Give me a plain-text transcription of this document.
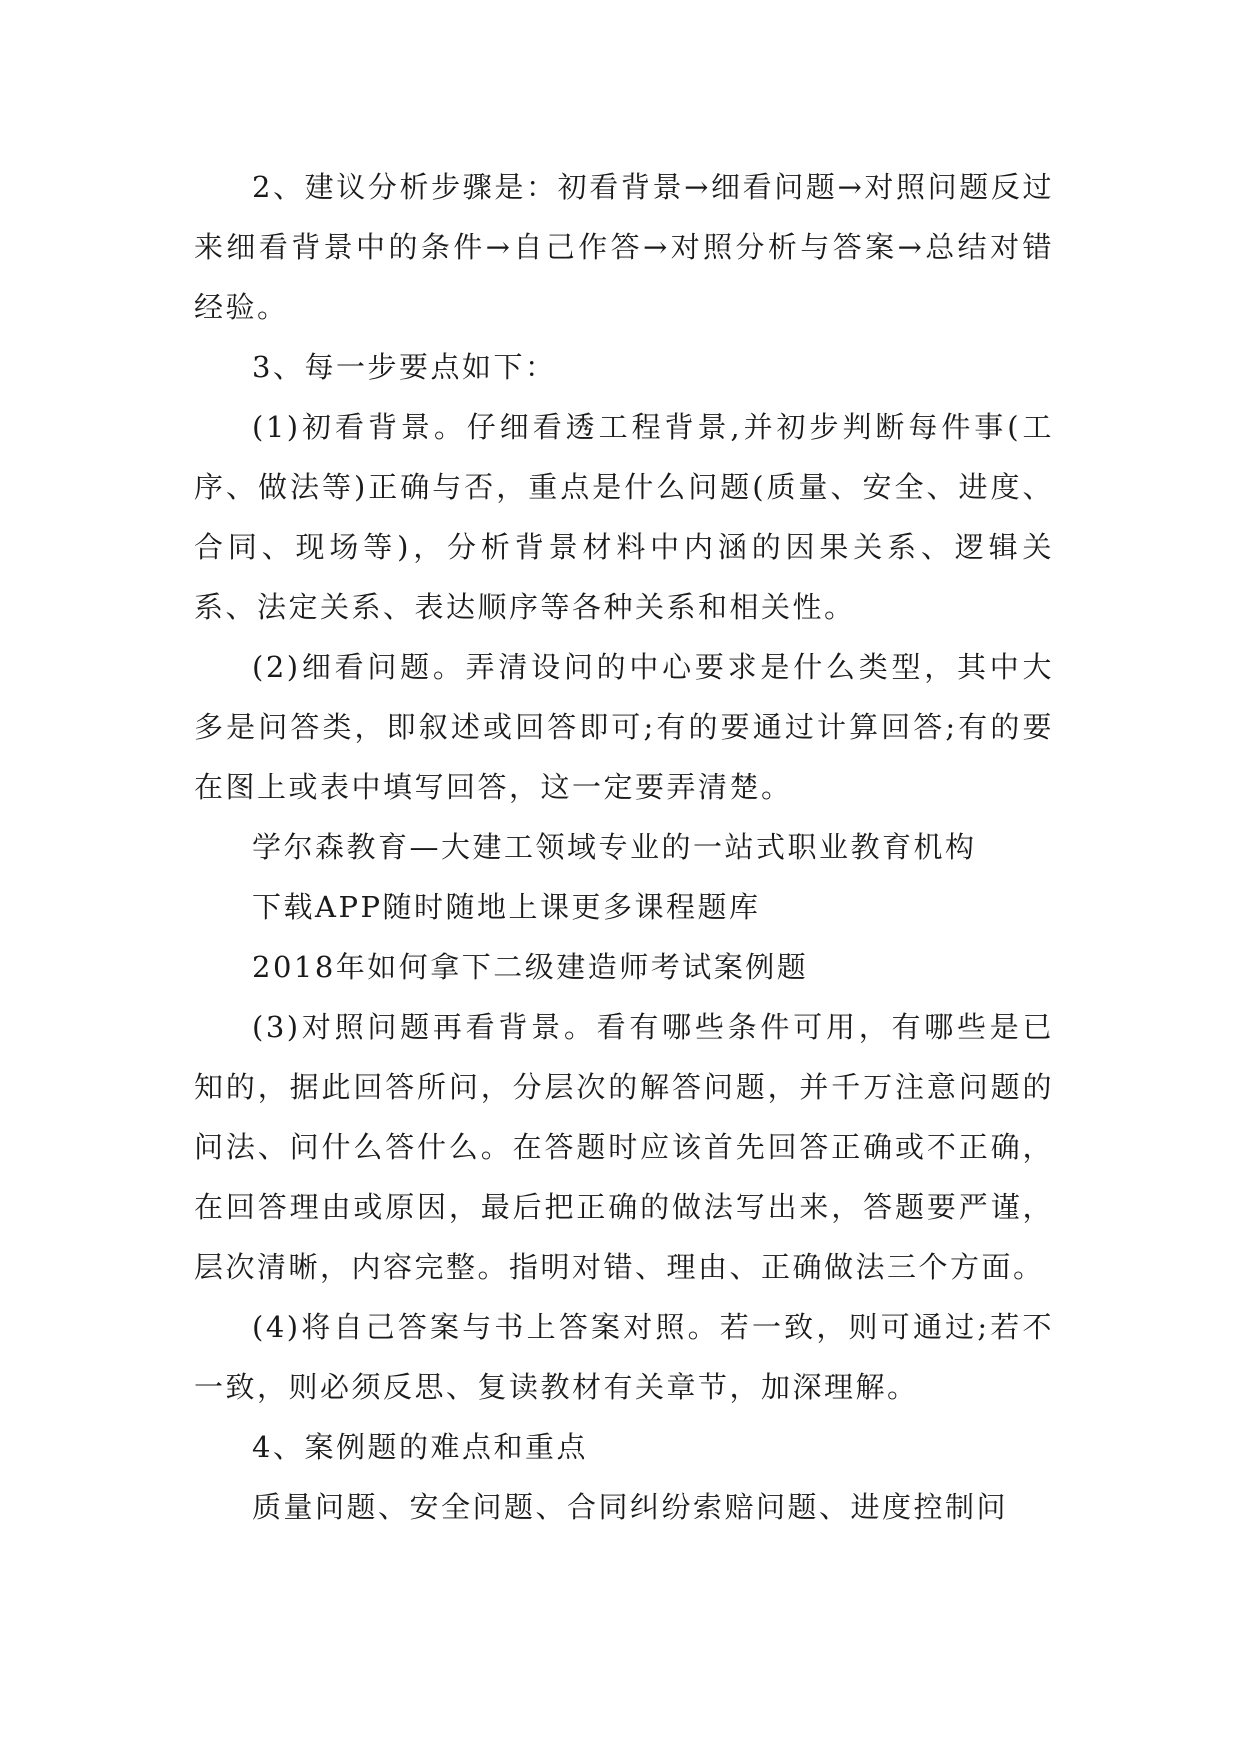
2、建议分析步骤是：初看背景→细看问题→对照问题反过来细看背景中的条件→自己作答→对照分析与答案→总结对错经验。

3、每一步要点如下：

(1)初看背景。仔细看透工程背景,并初步判断每件事(工序、做法等)正确与否，重点是什么问题(质量、安全、进度、合同、现场等)，分析背景材料中内涵的因果关系、逻辑关系、法定关系、表达顺序等各种关系和相关性。

(2)细看问题。弄清设问的中心要求是什么类型，其中大多是问答类，即叙述或回答即可;有的要通过计算回答;有的要在图上或表中填写回答，这一定要弄清楚。

学尔森教育—大建工领域专业的一站式职业教育机构

下载APP随时随地上课更多课程题库

2018年如何拿下二级建造师考试案例题

(3)对照问题再看背景。看有哪些条件可用，有哪些是已知的，据此回答所问，分层次的解答问题，并千万注意问题的问法、问什么答什么。在答题时应该首先回答正确或不正确，在回答理由或原因，最后把正确的做法写出来，答题要严谨，层次清晰，内容完整。指明对错、理由、正确做法三个方面。

(4)将自己答案与书上答案对照。若一致，则可通过;若不一致，则必须反思、复读教材有关章节，加深理解。

4、案例题的难点和重点

质量问题、安全问题、合同纠纷索赔问题、进度控制问
